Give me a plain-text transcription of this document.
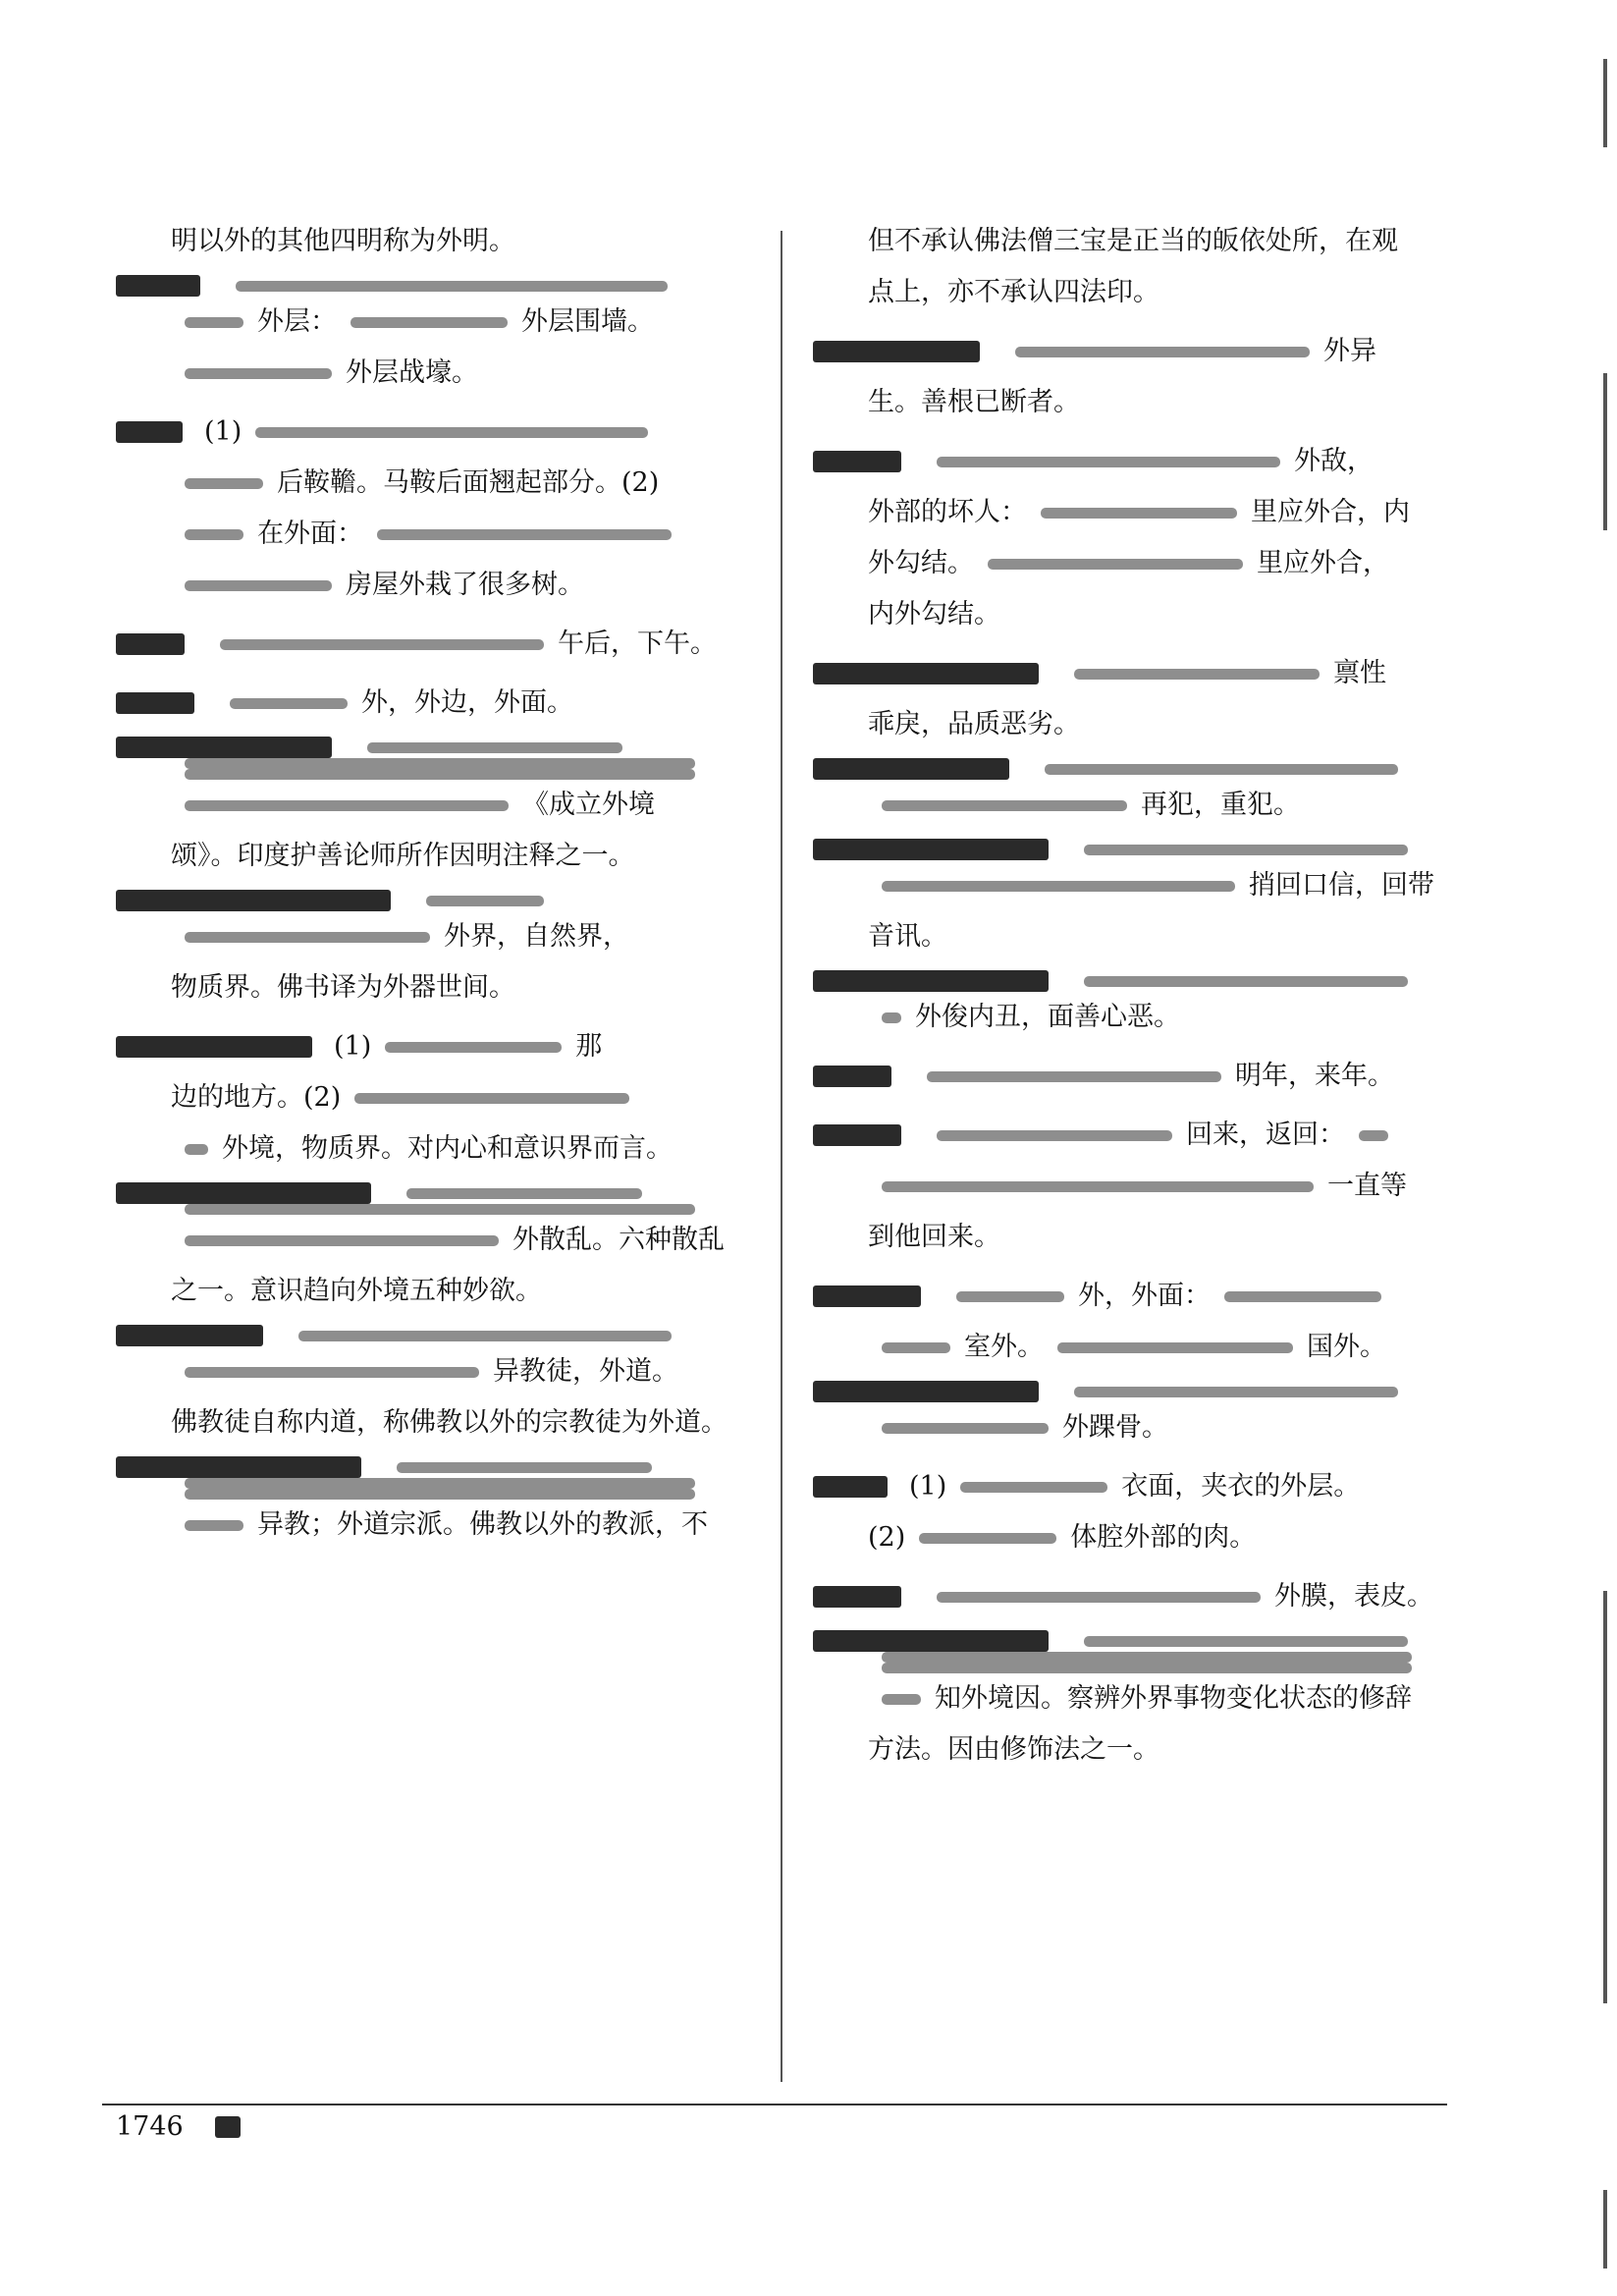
明以外的其他四明称为外明。
外层：	外层围墙。
外层战壕。
(1)
后鞍韂。马鞍后面翘起部分。(2)
在外面：
房屋外栽了很多树。
午后，下午。
外，外边，外面。
《成立外境
颂》。印度护善论师所作因明注释之一。
外界，自然界，
物质界。佛书译为外器世间。
(1)	那
边的地方。(2)
外境，物质界。对内心和意识界而言。
外散乱。六种散乱
之一。意识趋向外境五种妙欲。
异教徒，外道。
佛教徒自称内道，称佛教以外的宗教徒为外道。
异教；外道宗派。佛教以外的教派，不
但不承认佛法僧三宝是正当的皈依处所，在观
点上，亦不承认四法印。
外异
生。善根已断者。
外敌，
外部的坏人：	里应外合，内
外勾结。	里应外合，
内外勾结。
禀性
乖戾，品质恶劣。
再犯，重犯。
捎回口信，回带
音讯。
外俊内丑，面善心恶。
明年，来年。
回来，返回：
一直等
到他回来。
外，外面：
室外。	国外。
外踝骨。
(1)	衣面，夹衣的外层。
(2)	体腔外部的肉。
外膜，表皮。
知外境因。察辨外界事物变化状态的修辞
方法。因由修饰法之一。
1746
